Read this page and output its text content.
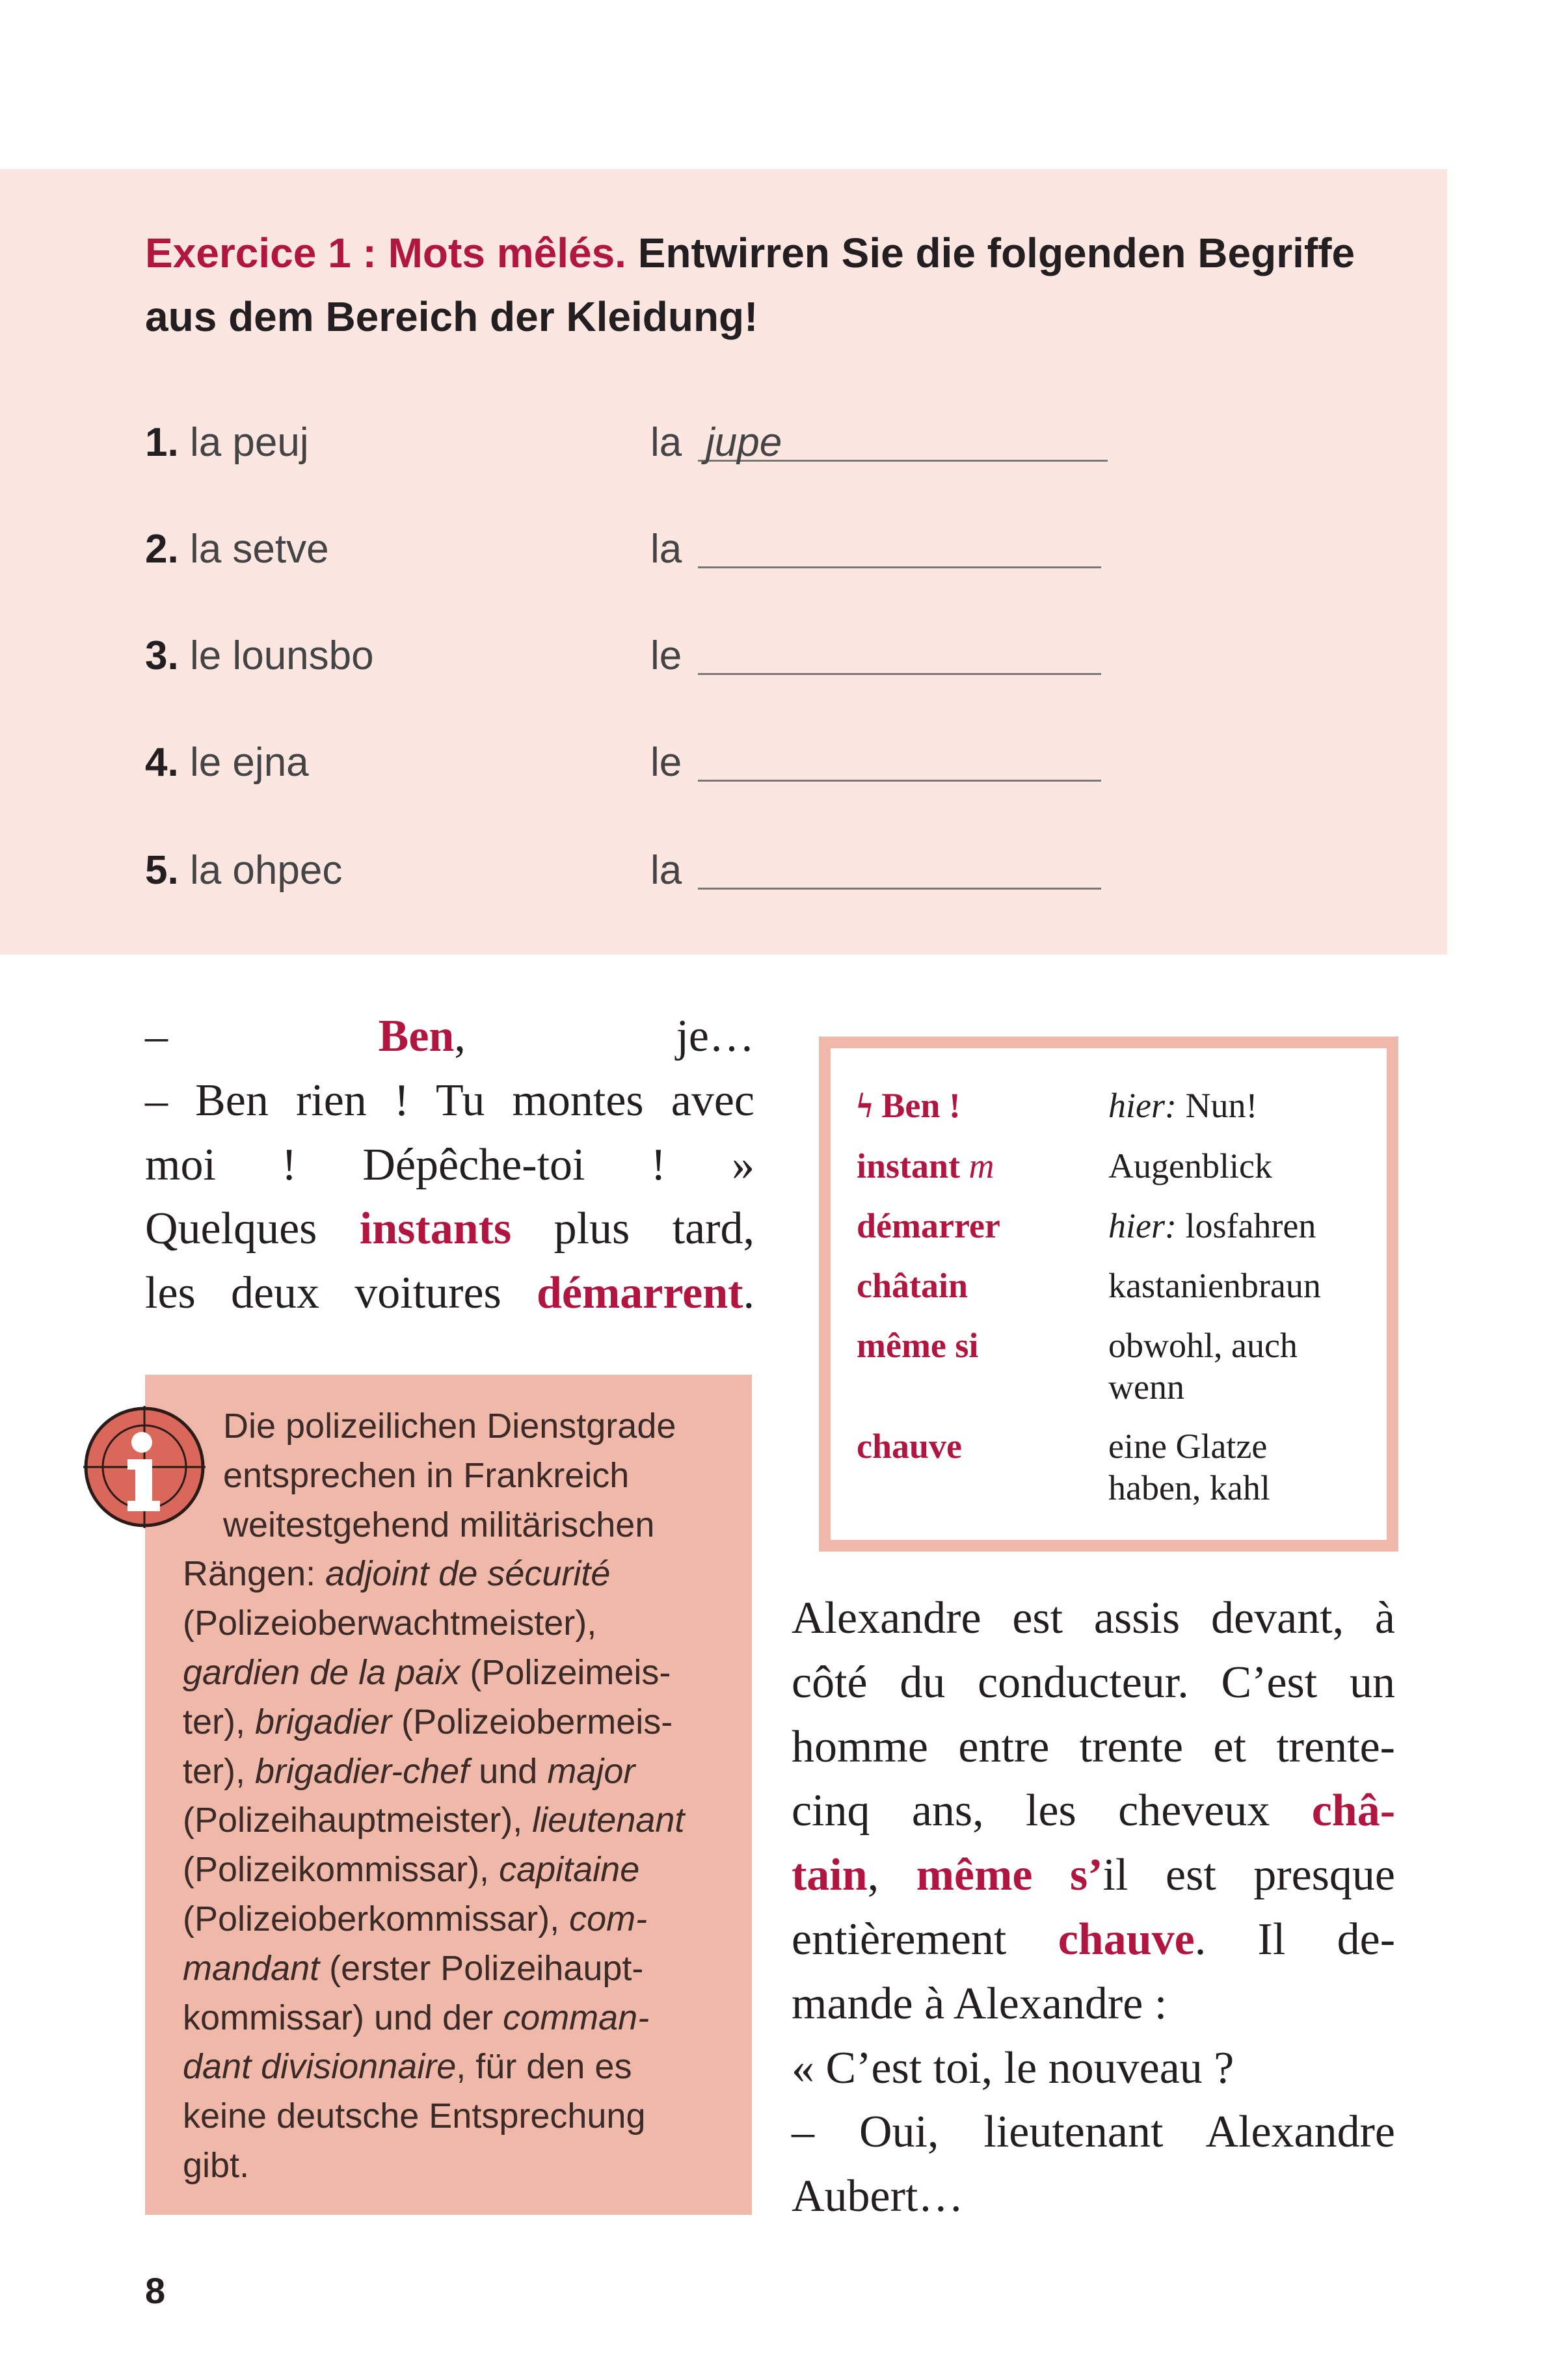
Exercice 1 : Mots mêlés. Entwirren Sie die folgenden Begriffe
aus dem Bereich der Kleidung!
1. la peuj	la jupe
2. la setve	la
3. le lounsbo	le
4. le ejna	le
5. la ohpec	la
– Ben, je…
– Ben rien ! Tu montes avec
moi ! Dépêche-toi ! »
Quelques instants plus tard,
les deux voitures démarrent.
Die polizeilichen Dienstgrade
entsprechen in Frankreich
weitestgehend militärischen
Rängen: adjoint de sécurité
(Polizeioberwachtmeister),
gardien de la paix (Polizeimeis-
ter), brigadier (Polizeiobermeis-
ter), brigadier-chef und major
(Polizeihauptmeister), lieutenant
(Polizeikommissar), capitaine
(Polizeioberkommissar), com-
mandant (erster Polizeihaupt-
kommissar) und der comman-
dant divisionnaire, für den es
keine deutsche Entsprechung
gibt.
ϟ Ben !	hier: Nun!
instant m	Augenblick
démarrer	hier: losfahren
châtain	kastanienbraun
même si	obwohl, auch
wenn
chauve	eine Glatze
haben, kahl
Alexandre est assis devant, à
côté du conducteur. C’est un
homme entre trente et trente-
cinq ans, les cheveux châ-
tain, même s’il est presque
entièrement chauve. Il de-
mande à Alexandre :
« C’est toi, le nouveau ?
– Oui, lieutenant Alexandre
Aubert…
8
